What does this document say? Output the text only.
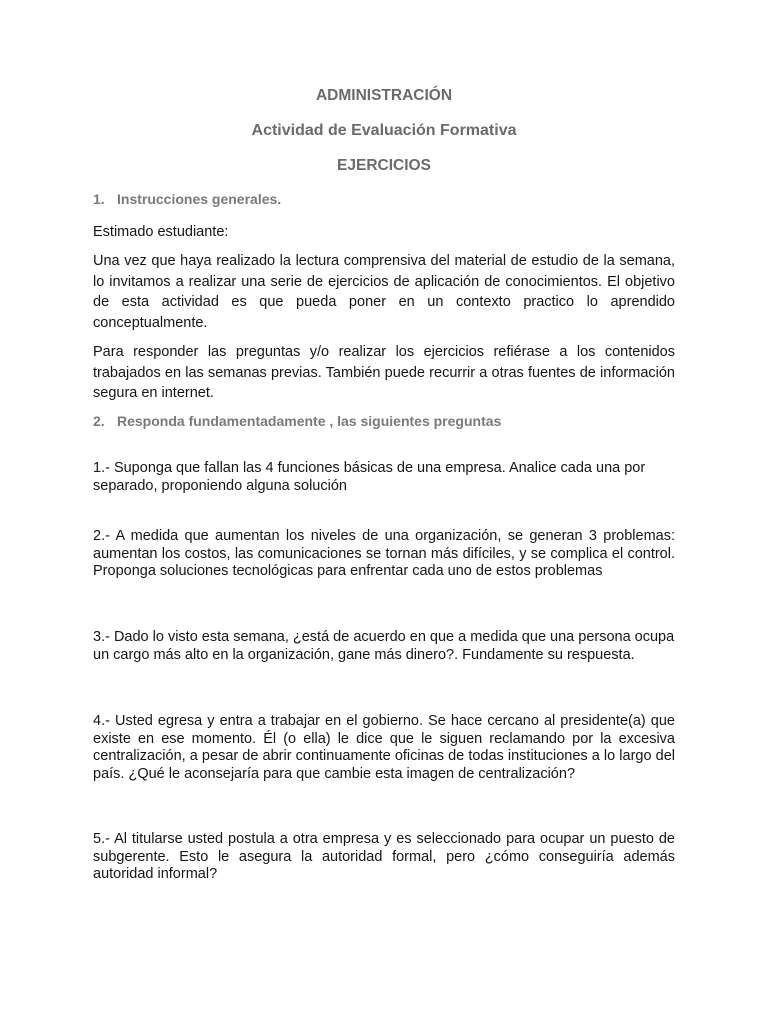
ADMINISTRACIÓN
Actividad de Evaluación Formativa
EJERCICIOS
1. Instrucciones generales.

Estimado estudiante:

Una vez que haya realizado la lectura comprensiva del material de estudio de la semana, lo invitamos a realizar una serie de ejercicios de aplicación de conocimientos. El objetivo de esta actividad es que pueda poner en un contexto practico lo aprendido conceptualmente.

Para responder las preguntas y/o realizar los ejercicios refiérase a los contenidos trabajados en las semanas previas. También puede recurrir a otras fuentes de información segura en internet.

2. Responda fundamentadamente , las siguientes preguntas

1.- Suponga que fallan las 4 funciones básicas de una empresa. Analice cada una por separado, proponiendo alguna solución

2.- A medida que aumentan los niveles de una organización, se generan 3 problemas: aumentan los costos, las comunicaciones se tornan más difíciles, y se complica el control. Proponga soluciones tecnológicas para enfrentar cada uno de estos problemas

3.- Dado lo visto esta semana, ¿está de acuerdo en que a medida que una persona ocupa un cargo más alto en la organización, gane más dinero?. Fundamente su respuesta.

4.- Usted egresa y entra a trabajar en el gobierno. Se hace cercano al presidente(a) que existe en ese momento. Él (o ella) le dice que le siguen reclamando por la excesiva centralización, a pesar de abrir continuamente oficinas de todas instituciones a lo largo del país. ¿Qué le aconsejaría para que cambie esta imagen de centralización?

5.- Al titularse usted postula a otra empresa y es seleccionado para ocupar un puesto de subgerente. Esto le asegura la autoridad formal, pero ¿cómo conseguiría además autoridad informal?
